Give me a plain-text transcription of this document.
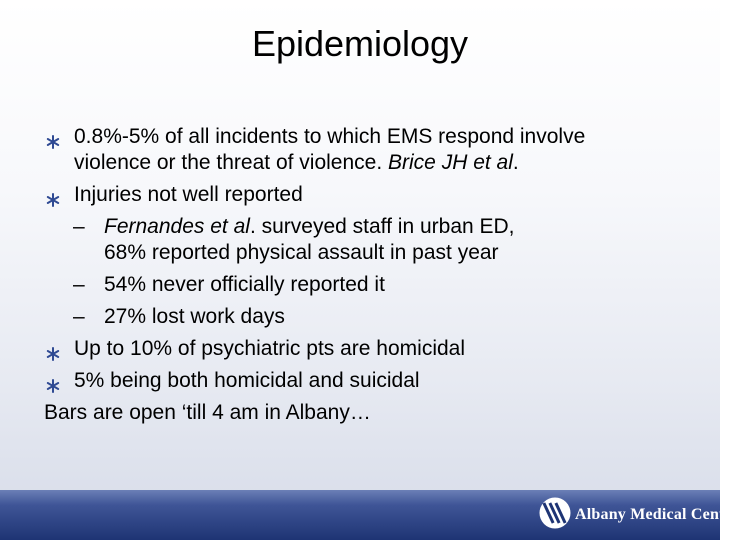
Epidemiology
0.8%-5% of all incidents to which EMS respond involve
violence or the threat of violence. Brice JH et al.
Injuries not well reported
– Fernandes et al. surveyed staff in urban ED,
68% reported physical assault in past year
– 54% never officially reported it
– 27% lost work days
Up to 10% of psychiatric pts are homicidal
5% being both homicidal and suicidal
Bars are open ‘till 4 am in Albany…
Albany Medical Center
